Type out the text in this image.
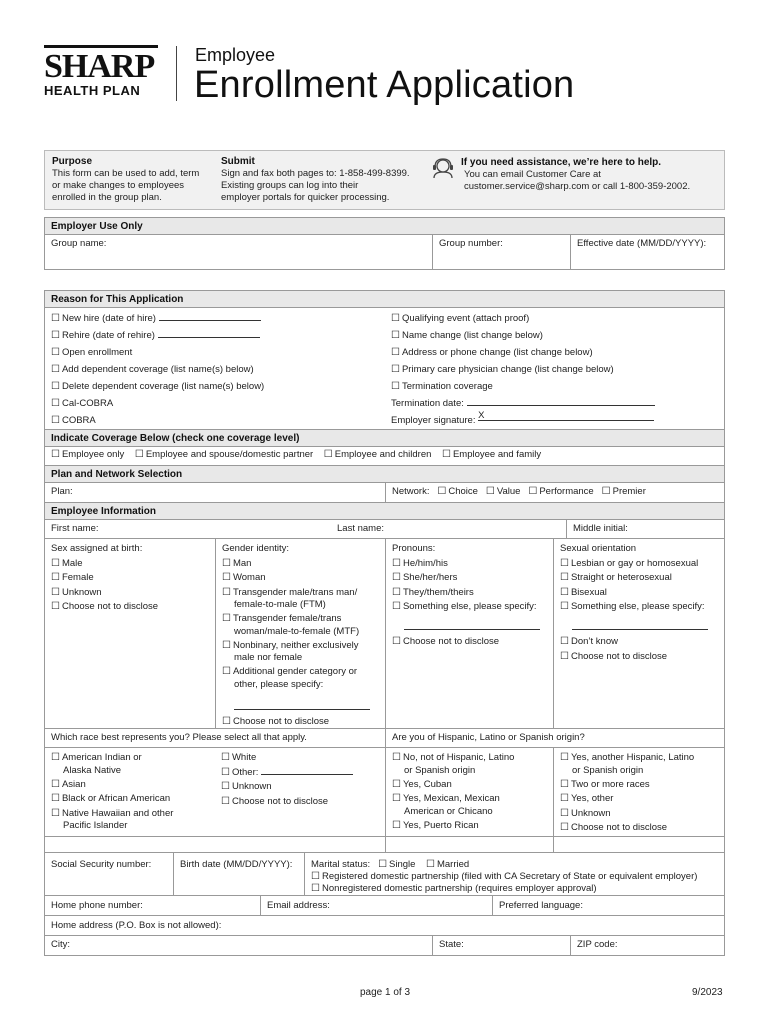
SHARP
HEALTH PLAN
Employee
Enrollment Application
Purpose
This form can be used to add, term
or make changes to employees
enrolled in the group plan.
Submit
Sign and fax both pages to: 1-858-499-8399.
Existing groups can log into their
employer portals for quicker processing.
If you need assistance, we’re here to help.
You can email Customer Care at
customer.service@sharp.com or call 1-800-359-2002.
Employer Use Only
Group name:	Group number:	Effective date (MM/DD/YYYY):
Reason for This Application
☐ New hire (date of hire)
☐ Rehire (date of rehire)
☐ Open enrollment
☐ Add dependent coverage (list name(s) below)
☐ Delete dependent coverage (list name(s) below)
☐ Cal-COBRA
☐ COBRA
☐ Qualifying event (attach proof)
☐ Name change (list change below)
☐ Address or phone change (list change below)
☐ Primary care physician change (list change below)
☐ Termination coverage
Termination date:
Employer signature: X
Indicate Coverage Below (check one coverage level)
☐ Employee only ☐ Employee and spouse/domestic partner ☐ Employee and children ☐ Employee and family
Plan and Network Selection
Plan:	Network: ☐ Choice ☐ Value ☐ Performance ☐ Premier
Employee Information
First name:	Last name:	Middle initial:
Sex assigned at birth:
☐ Male
☐ Female
☐ Unknown
☐ Choose not to disclose
Gender identity:
☐ Man
☐ Woman
☐ Transgender male/trans man/
female-to-male (FTM)
☐ Transgender female/trans
woman/male-to-female (MTF)
☐ Nonbinary, neither exclusively
male nor female
☐ Additional gender category or
other, please specify:
☐ Choose not to disclose
Pronouns:
☐ He/him/his
☐ She/her/hers
☐ They/them/theirs
☐ Something else, please specify:
☐ Choose not to disclose
Sexual orientation
☐ Lesbian or gay or homosexual
☐ Straight or heterosexual
☐ Bisexual
☐ Something else, please specify:
☐ Don’t know
☐ Choose not to disclose
Which race best represents you? Please select all that apply.	Are you of Hispanic, Latino or Spanish origin?
☐ American Indian or
Alaska Native
☐ Asian
☐ Black or African American
☐ Native Hawaiian and other
Pacific Islander
☐ White
☐ Other:
☐ Unknown
☐ Choose not to disclose
☐ No, not of Hispanic, Latino
or Spanish origin
☐ Yes, Cuban
☐ Yes, Mexican, Mexican
American or Chicano
☐ Yes, Puerto Rican
☐ Yes, another Hispanic, Latino
or Spanish origin
☐ Two or more races
☐ Yes, other
☐ Unknown
☐ Choose not to disclose
Social Security number:	Birth date (MM/DD/YYYY):	Marital status: ☐ Single ☐ Married
☐ Registered domestic partnership (filed with CA Secretary of State or equivalent employer)
☐ Nonregistered domestic partnership (requires employer approval)
Home phone number:	Email address:	Preferred language:
Home address (P.O. Box is not allowed):
City:	State:	ZIP code:
page 1 of 3	9/2023
